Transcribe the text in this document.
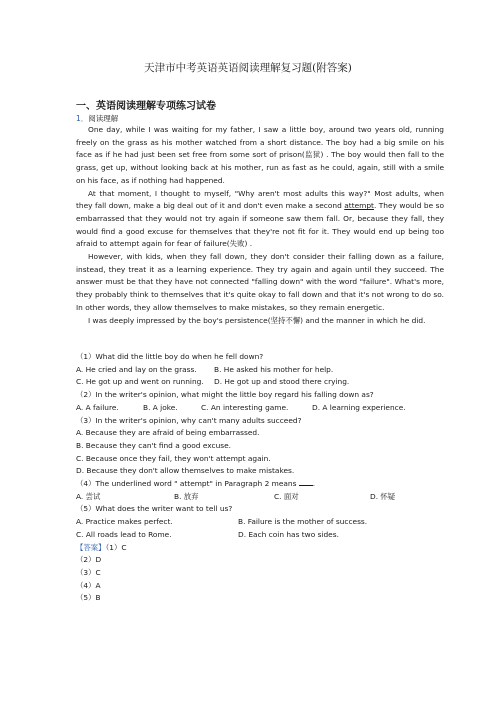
天津市中考英语英语阅读理解复习题(附答案)
一、英语阅读理解专项练习试卷
1．阅读理解

One day, while I was waiting for my father, I saw a little boy, around two years old, running freely on the grass as his mother watched from a short distance. The boy had a big smile on his face as if he had just been set free from some sort of prison(监狱) . The boy would then fall to the grass, get up, without looking back at his mother, run as fast as he could, again, still with a smile on his face, as if nothing had happened.

At that moment, I thought to myself, "Why aren't most adults this way?" Most adults, when they fall down, make a big deal out of it and don't even make a second attempt. They would be so embarrassed that they would not try again if someone saw them fall. Or, because they fall, they would find a good excuse for themselves that they're not fit for it. They would end up being too afraid to attempt again for fear of failure(失败) .

However, with kids, when they fall down, they don't consider their falling down as a failure, instead, they treat it as a learning experience. They try again and again until they succeed. The answer must be that they have not connected "falling down" with the word "failure". What's more, they probably think to themselves that it's quite okay to fall down and that it's not wrong to do so. In other words, they allow themselves to make mistakes, so they remain energetic.

I was deeply impressed by the boy's persistence(坚持不懈) and the manner in which he did.

（1）What did the little boy do when he fell down?
A. He cried and lay on the grass.	B. He asked his mother for help.
C. He got up and went on running.	D. He got up and stood there crying.
（2）In the writer's opinion, what might the little boy regard his falling down as?
A. A failure.	B. A joke.	C. An interesting game.	D. A learning experience.
（3）In the writer's opinion, why can't many adults succeed?
A. Because they are afraid of being embarrassed.
B. Because they can't find a good excuse.
C. Because once they fail, they won't attempt again.
D. Because they don't allow themselves to make mistakes.
（4）The underlined word " attempt" in Paragraph 2 means .
A. 尝试	B. 放弃	C. 面对	D. 怀疑
（5）What does the writer want to tell us?
A. Practice makes perfect.	B. Failure is the mother of success.
C. All roads lead to Rome.	D. Each coin has two sides.
【答案】（1）C
（2）D
（3）C
（4）A
（5）B
